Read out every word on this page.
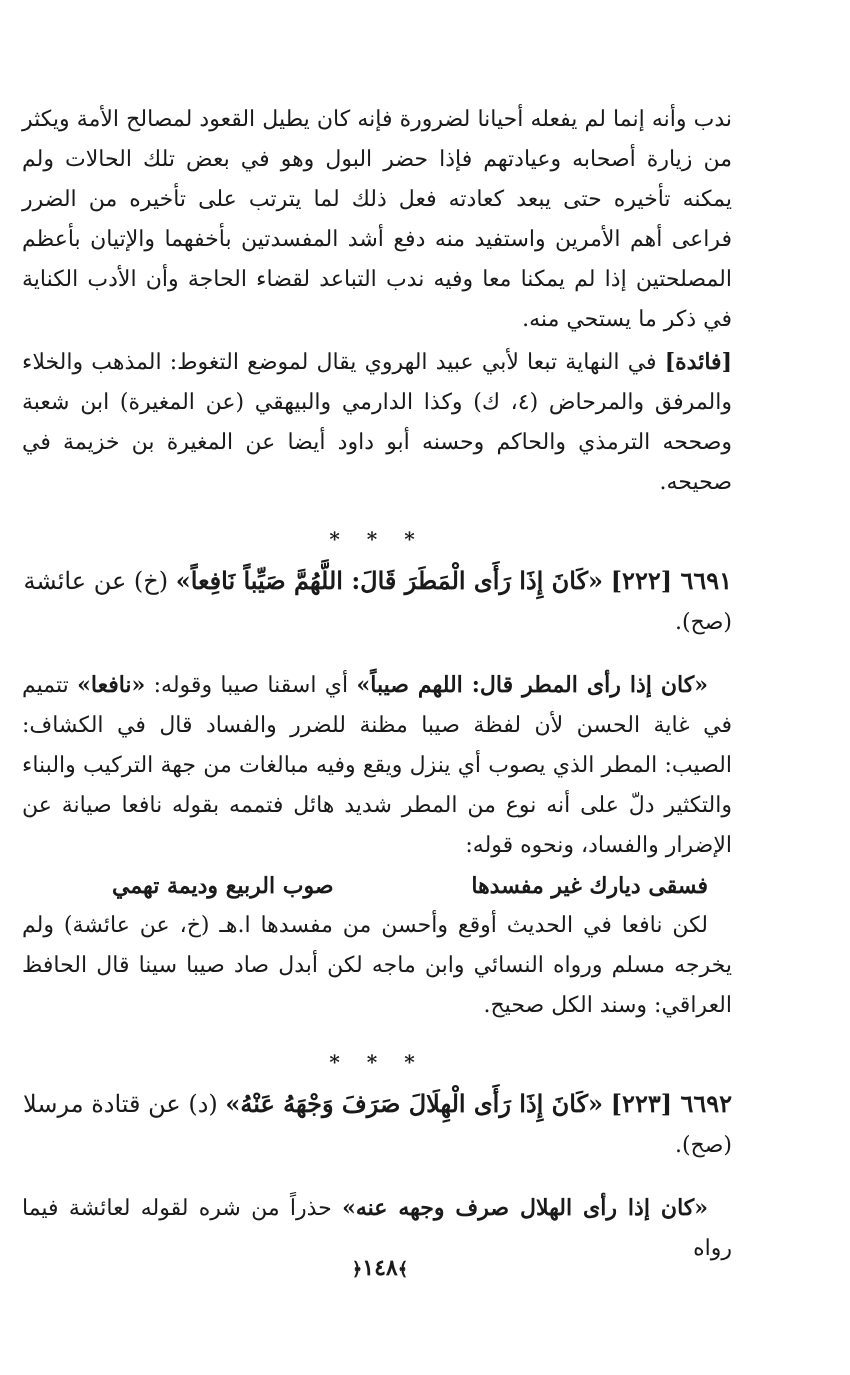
ندب وأنه إنما لم يفعله أحيانا لضرورة فإنه كان يطيل القعود لمصالح الأمة ويكثر من زيارة أصحابه وعيادتهم فإذا حضر البول وهو في بعض تلك الحالات ولم يمكنه تأخيره حتى يبعد كعادته فعل ذلك لما يترتب على تأخيره من الضرر فراعى أهم الأمرين واستفيد منه دفع أشد المفسدتين بأخفهما والإتيان بأعظم المصلحتين إذا لم يمكنا معا وفيه ندب التباعد لقضاء الحاجة وأن الأدب الكناية في ذكر ما يستحي منه.

[فائدة] في النهاية تبعا لأبي عبيد الهروي يقال لموضع التغوط: المذهب والخلاء والمرفق والمرحاض (٤، ك) وكذا الدارمي والبيهقي (عن المغيرة) ابن شعبة وصححه الترمذي والحاكم وحسنه أبو داود أيضا عن المغيرة بن خزيمة في صحيحه.

* * *

٦٦٩١ [٢٢٢] «كَانَ إِذَا رَأَى الْمَطَرَ قَالَ: اللَّهُمَّ صَيِّباً نَافِعاً» (خ) عن عائشة

(صح).

«كان إذا رأى المطر قال: اللهم صيباً» أي اسقنا صيبا وقوله: «نافعا» تتميم في غاية الحسن لأن لفظة صيبا مظنة للضرر والفساد قال في الكشاف: الصيب: المطر الذي يصوب أي ينزل ويقع وفيه مبالغات من جهة التركيب والبناء والتكثير دلّ على أنه نوع من المطر شديد هائل فتممه بقوله نافعا صيانة عن الإضرار والفساد، ونحوه قوله:

فسقى ديارك غير مفسدها
صوب الربيع وديمة تهمي

لكن نافعا في الحديث أوقع وأحسن من مفسدها ا.هـ (خ، عن عائشة) ولم يخرجه مسلم ورواه النسائي وابن ماجه لكن أبدل صاد صيبا سينا قال الحافظ العراقي: وسند الكل صحيح.

* * *

٦٦٩٢ [٢٢٣] «كَانَ إِذَا رَأَى الْهِلَالَ صَرَفَ وَجْهَهُ عَنْهُ» (د) عن قتادة مرسلا

(صح).

«كان إذا رأى الهلال صرف وجهه عنه» حذراً من شره لقوله لعائشة فيما رواه

﴾١٤٨﴿
